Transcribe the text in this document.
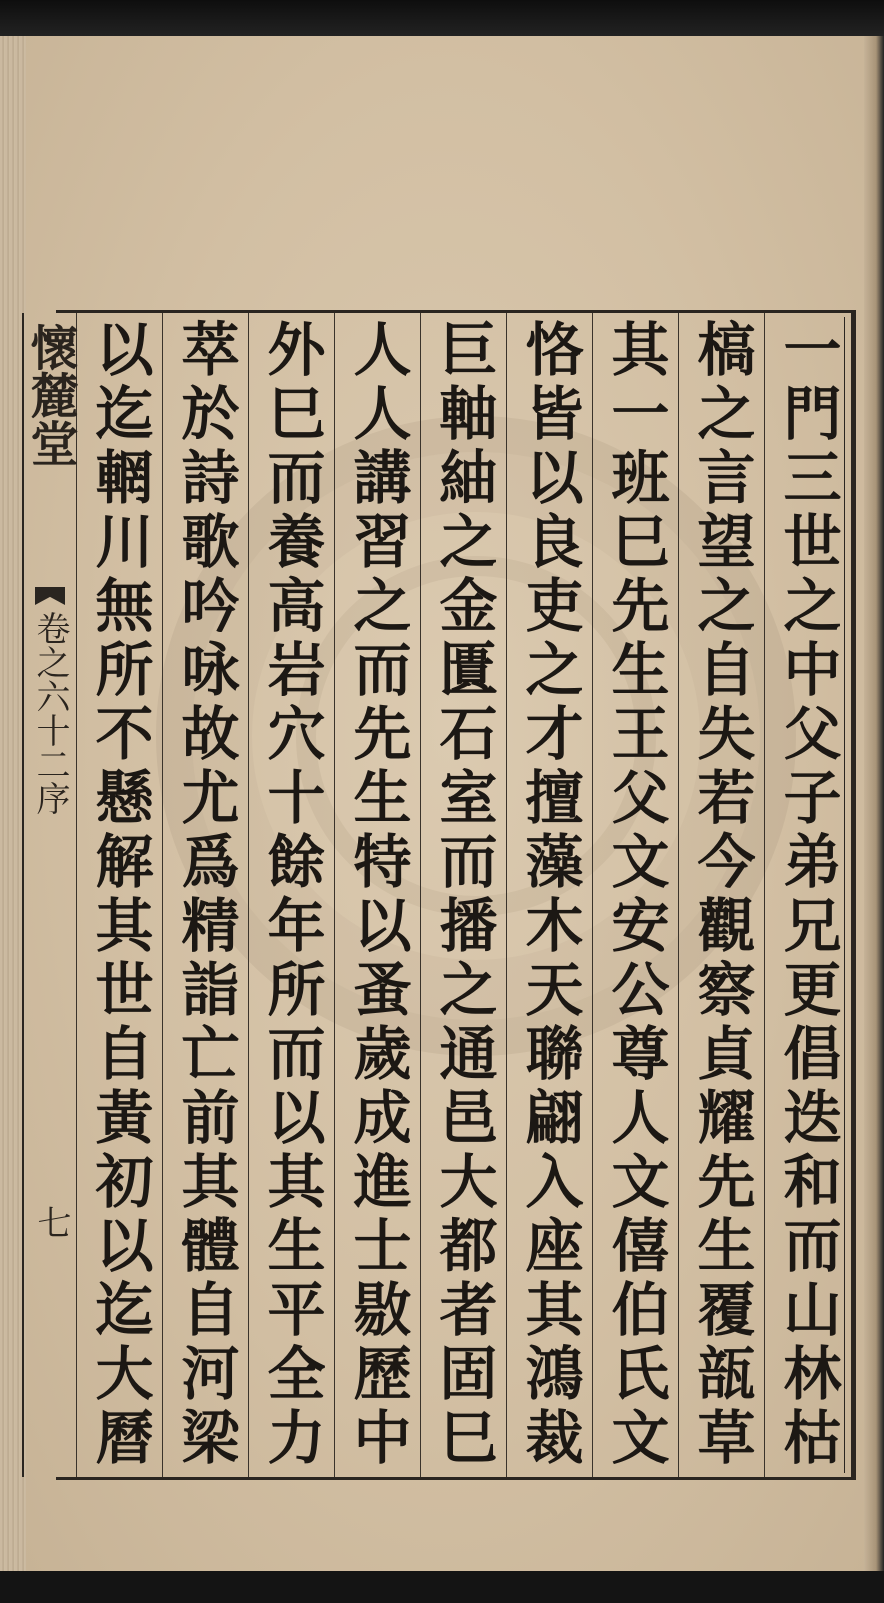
一門三世之中父子弟兄更倡迭和而山林枯
槁之言望之自失若今觀察貞耀先生覆瓿草
其一班巳先生王父文安公尊人文僖伯氏文
恪皆以良吏之才擅藻木天聯翩入座其鴻裁
巨軸紬之金匱石室而播之通邑大都者固巳
人人講習之而先生特以蚤歲成進士敭歷中
外巳而養高岩穴十餘年所而以其生平全力
萃於詩歌吟咏故尤爲精詣亡前其體自河梁
以迄輞川無所不懸解其世自黃初以迄大曆
懷麓堂
卷之六十二序
七
